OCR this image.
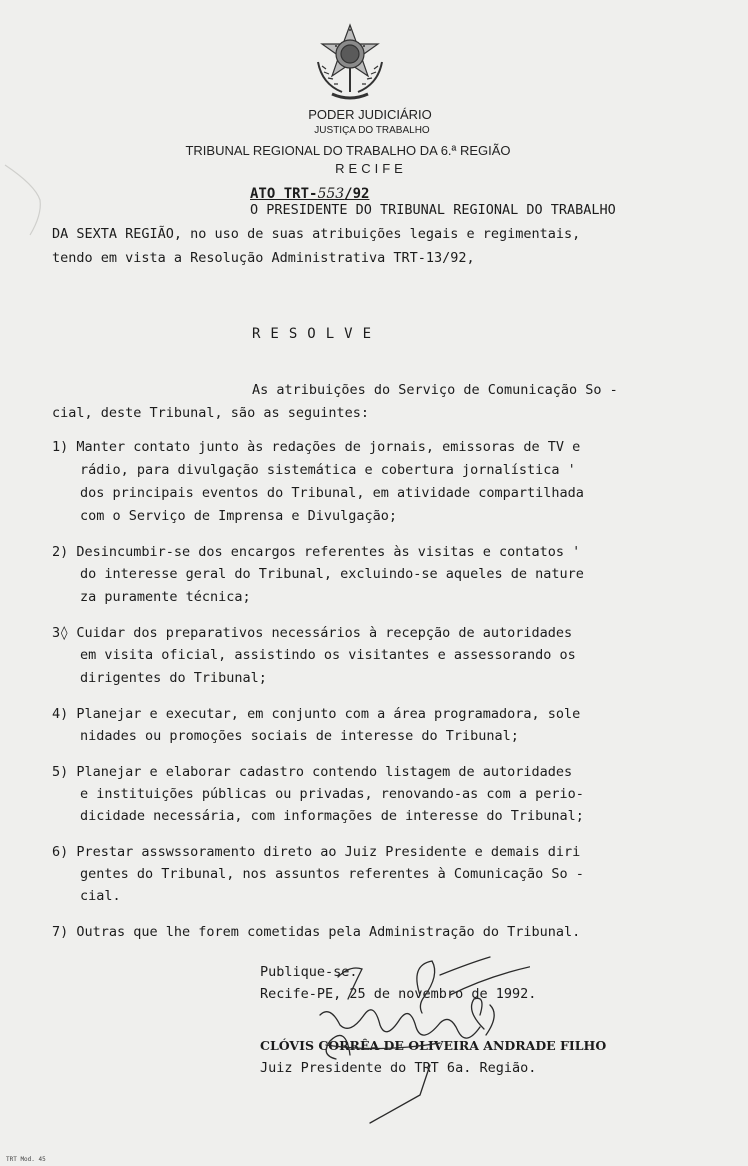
PODER JUDICIÁRIO
JUSTIÇA DO TRABALHO
TRIBUNAL REGIONAL DO TRABALHO DA 6.ª REGIÃO
RECIFE
ATO TRT-553/92
O PRESIDENTE DO TRIBUNAL REGIONAL DO TRABALHO
DA SEXTA REGIÃO, no uso de suas atribuições legais e regimentais,
tendo em vista a Resolução Administrativa TRT-13/92,
RESOLVE
As atribuições do Serviço de Comunicação So -
cial, deste Tribunal, são as seguintes:
1) Manter contato junto às redações de jornais, emissoras de TV e
rádio, para divulgação sistemática e cobertura jornalística '
dos principais eventos do Tribunal, em atividade compartilhada
com o Serviço de Imprensa e Divulgação;
2) Desincumbir-se dos encargos referentes às visitas e contatos '
do interesse geral do Tribunal, excluindo-se aqueles de nature
za puramente técnica;
3◊ Cuidar dos preparativos necessários à recepção de autoridades
em visita oficial, assistindo os visitantes e assessorando os
dirigentes do Tribunal;
4) Planejar e executar, em conjunto com a área programadora, sole
nidades ou promoções sociais de interesse do Tribunal;
5) Planejar e elaborar cadastro contendo listagem de autoridades
e instituições públicas ou privadas, renovando-as com a perio-
dicidade necessária, com informações de interesse do Tribunal;
6) Prestar asswssoramento direto ao Juiz Presidente e demais diri
gentes do Tribunal, nos assuntos referentes à Comunicação So -
cial.
7) Outras que lhe forem cometidas pela Administração do Tribunal.
Publique-se.
Recife-PE, 25 de novembro de 1992.
CLÓVIS CORRÊA DE OLIVEIRA ANDRADE FILHO
Juiz Presidente do TRT 6a. Região.
TRT Mod. 45
